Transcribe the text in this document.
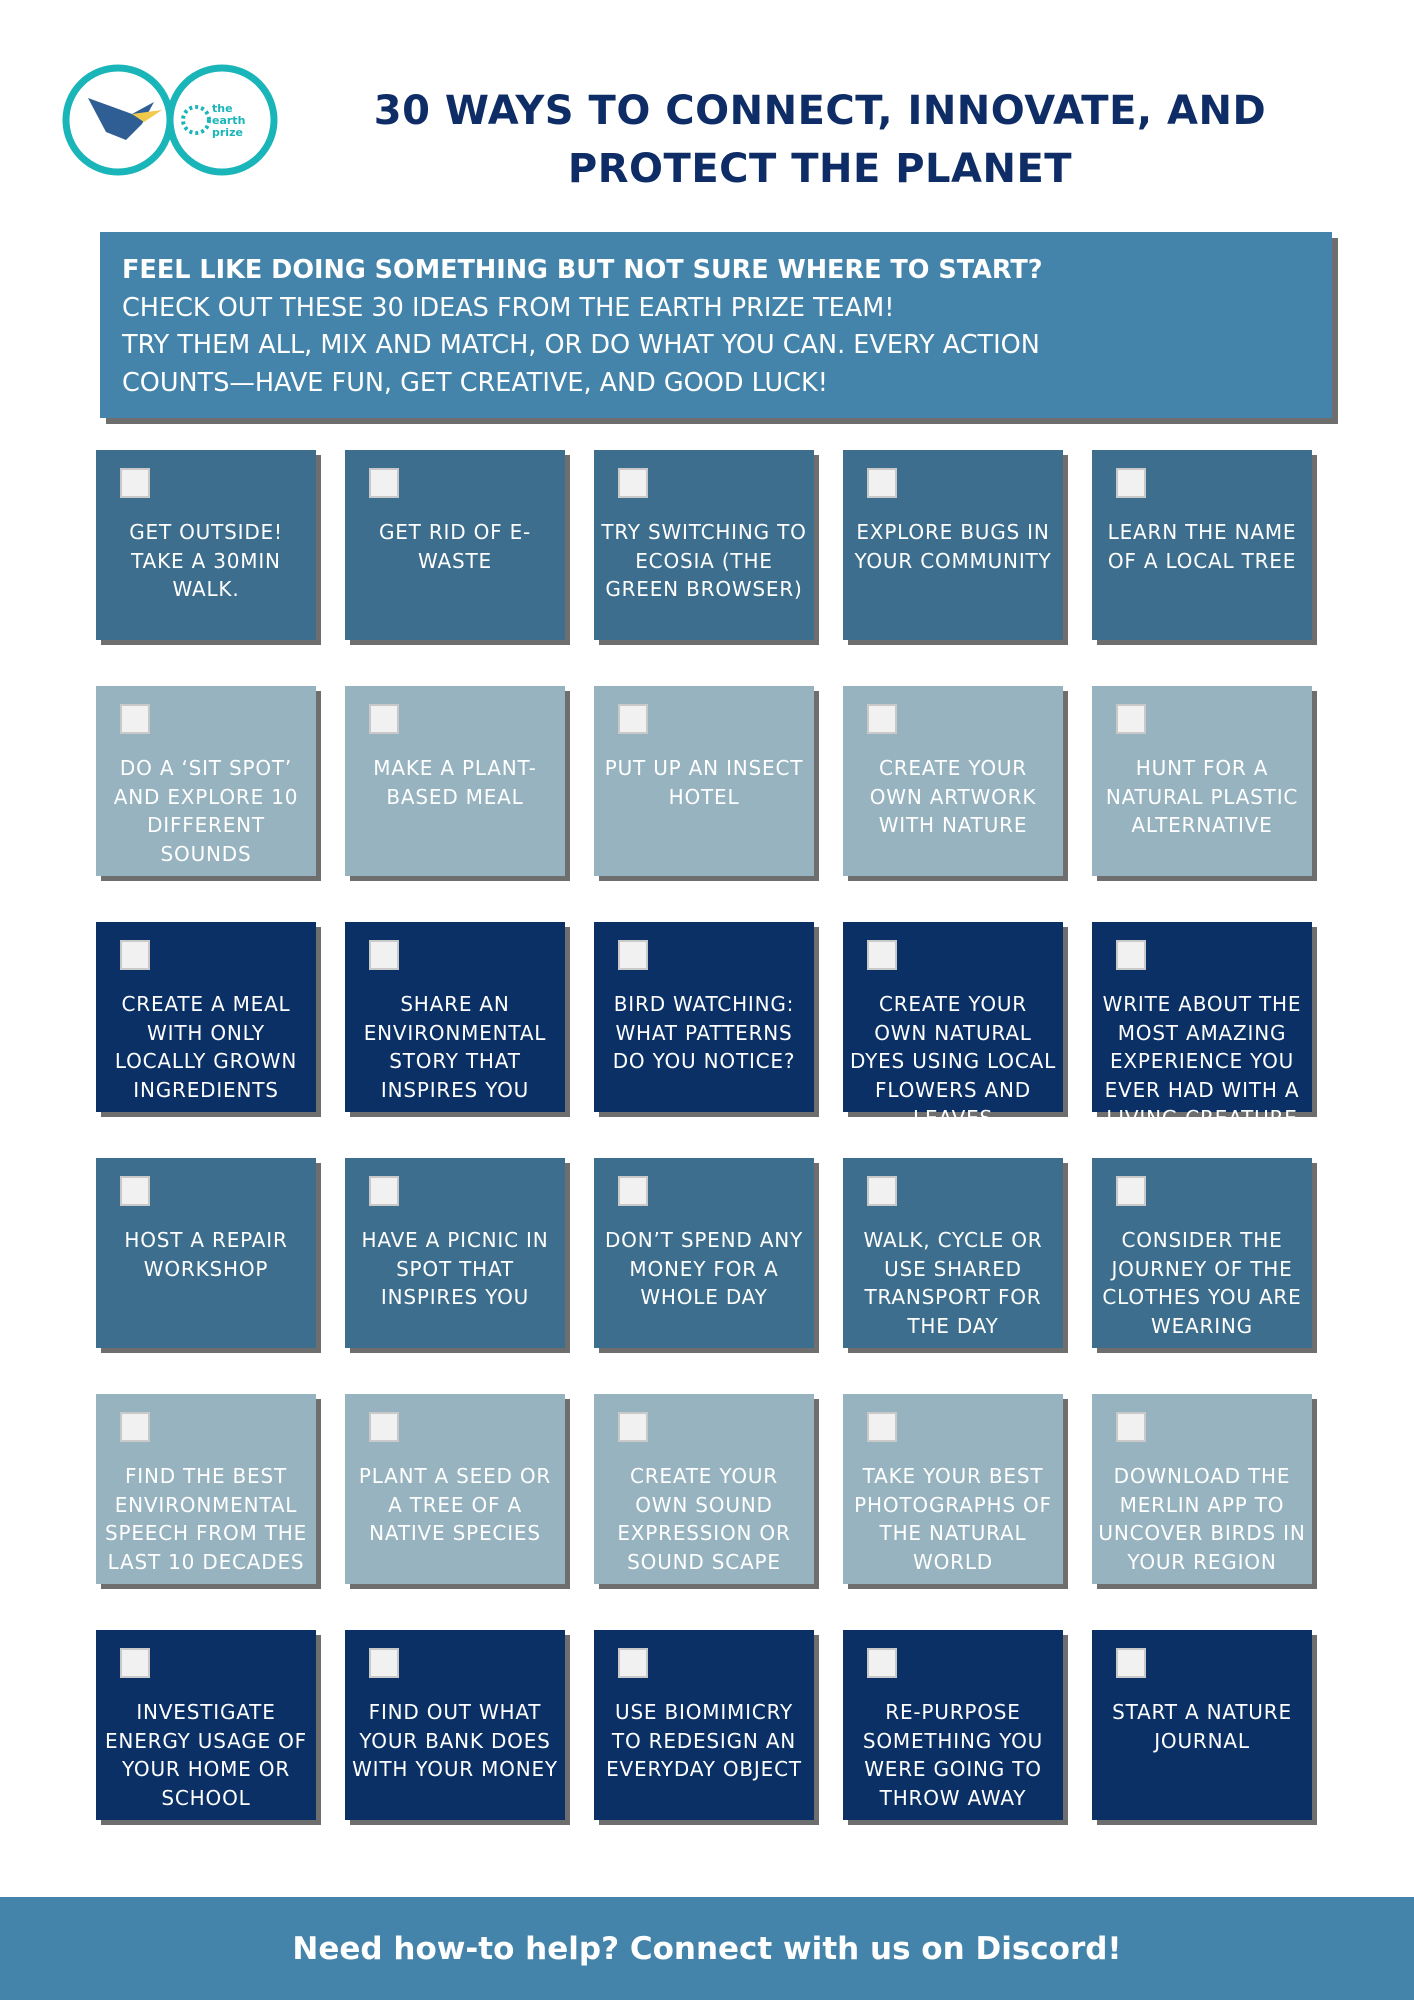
the
earth
prize	30 WAYS TO CONNECT, INNOVATE, AND
PROTECT THE PLANET
FEEL LIKE DOING SOMETHING BUT NOT SURE WHERE TO START?
CHECK OUT THESE 30 IDEAS FROM THE EARTH PRIZE TEAM!
TRY THEM ALL, MIX AND MATCH, OR DO WHAT YOU CAN. EVERY ACTION
COUNTS—HAVE FUN, GET CREATIVE, AND GOOD LUCK!
GET OUTSIDE! TAKE A 30MIN WALK.
GET RID OF E-WASTE
TRY SWITCHING TO ECOSIA (THE GREEN BROWSER)
EXPLORE BUGS IN YOUR COMMUNITY
LEARN THE NAME OF A LOCAL TREE
DO A ‘SIT SPOT’ AND EXPLORE 10 DIFFERENT SOUNDS
MAKE A PLANT-BASED MEAL
PUT UP AN INSECT HOTEL
CREATE YOUR OWN ARTWORK WITH NATURE
HUNT FOR A NATURAL PLASTIC ALTERNATIVE
CREATE A MEAL WITH ONLY LOCALLY GROWN INGREDIENTS
SHARE AN ENVIRONMENTAL STORY THAT INSPIRES YOU
BIRD WATCHING: WHAT PATTERNS DO YOU NOTICE?
CREATE YOUR OWN NATURAL DYES USING LOCAL FLOWERS AND LEAVES
WRITE ABOUT THE MOST AMAZING EXPERIENCE YOU EVER HAD WITH A LIVING CREATURE
HOST A REPAIR WORKSHOP
HAVE A PICNIC IN SPOT THAT INSPIRES YOU
DON’T SPEND ANY MONEY FOR A WHOLE DAY
WALK, CYCLE OR USE SHARED TRANSPORT FOR THE DAY
CONSIDER THE JOURNEY OF THE CLOTHES YOU ARE WEARING
FIND THE BEST ENVIRONMENTAL SPEECH FROM THE LAST 10 DECADES
PLANT A SEED OR A TREE OF A NATIVE SPECIES
CREATE YOUR OWN SOUND EXPRESSION OR SOUND SCAPE
TAKE YOUR BEST PHOTOGRAPHS OF THE NATURAL WORLD
DOWNLOAD THE MERLIN APP TO UNCOVER BIRDS IN YOUR REGION
INVESTIGATE ENERGY USAGE OF YOUR HOME OR SCHOOL
FIND OUT WHAT YOUR BANK DOES WITH YOUR MONEY
USE BIOMIMICRY TO REDESIGN AN EVERYDAY OBJECT
RE-PURPOSE SOMETHING YOU WERE GOING TO THROW AWAY
START A NATURE JOURNAL
Need how-to help? Connect with us on Discord!
